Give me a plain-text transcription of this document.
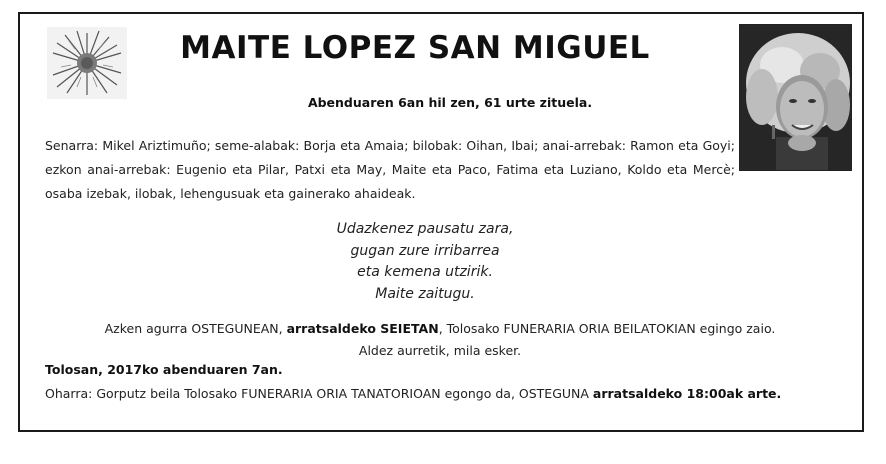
MAITE LOPEZ SAN MIGUEL
Abenduaren 6an hil zen, 61 urte zituela.
Senarra: Mikel Ariztimuño; seme-alabak: Borja eta Amaia; bilobak: Oihan, Ibai; anai-arrebak: Ramon eta Goyi; ezkon anai-arrebak: Eugenio eta Pilar, Patxi eta May, Maite eta Paco, Fatima eta Luziano, Koldo eta Mercè; osaba izebak, ilobak, lehengusuak eta gainerako ahaideak.
Udazkenez pausatu zara,
gugan zure irribarrea
eta kemena utzirik.
Maite zaitugu.
Azken agurra OSTEGUNEAN, arratsaldeko SEIETAN, Tolosako FUNERARIA ORIA BEILATOKIAN egingo zaio.
Aldez aurretik, mila esker.
Tolosan, 2017ko abenduaren 7an.
Oharra: Gorputz beila Tolosako FUNERARIA ORIA TANATORIOAN egongo da, OSTEGUNA arratsaldeko 18:00ak arte.
